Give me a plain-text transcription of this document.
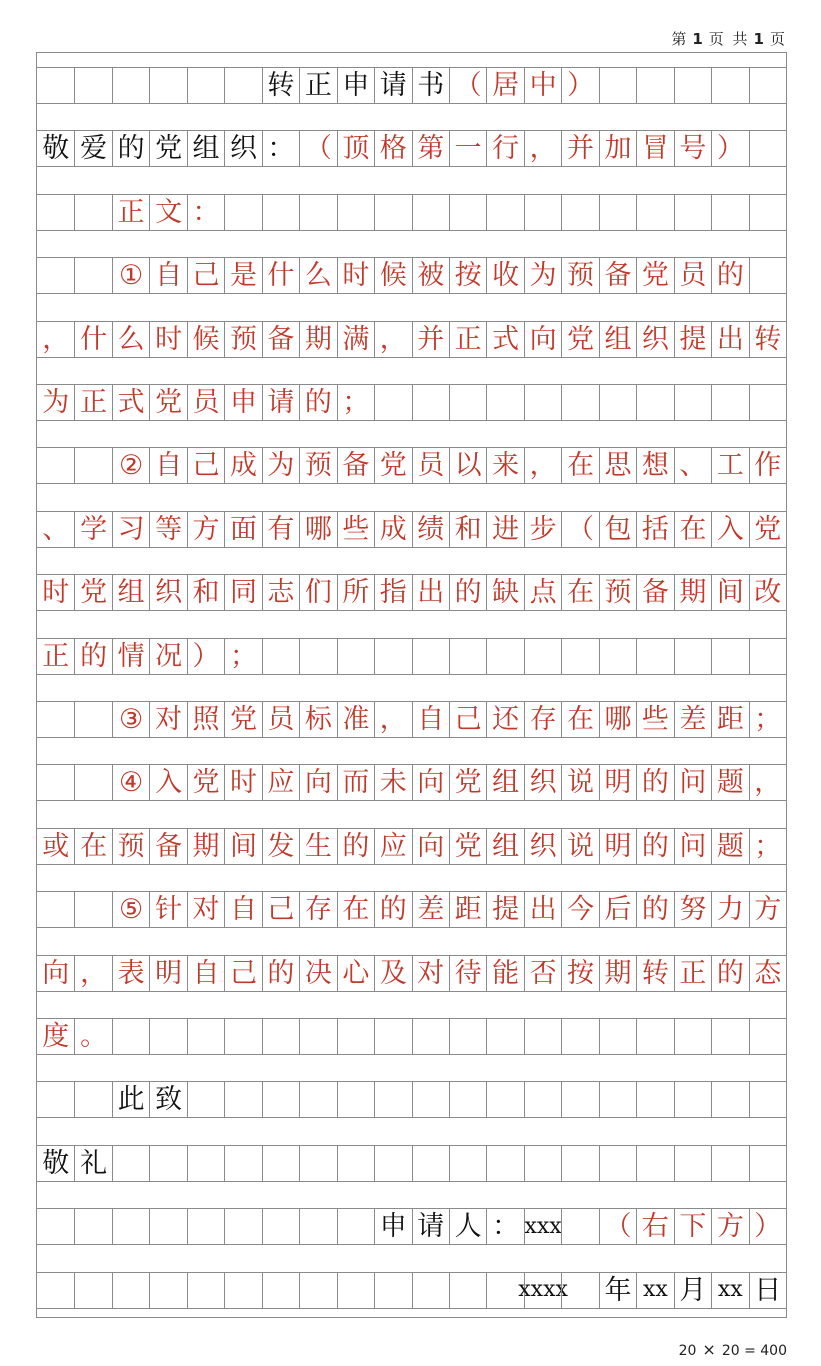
第 1 页 共 1 页
转 正 申 请 书 （ 居 中 ）
敬 爱 的 党 组 织 ： （ 顶 格 第 一 行 ， 并 加 冒 号 ）
正 文 ：
① 自 己 是 什 么 时 候 被 按 收 为 预 备 党 员 的
， 什 么 时 候 预 备 期 满 ， 并 正 式 向 党 组 织 提 出 转
为 正 式 党 员 申 请 的 ；
② 自 己 成 为 预 备 党 员 以 来 ， 在 思 想 、 工 作
、 学 习 等 方 面 有 哪 些 成 绩 和 进 步 （ 包 括 在 入 党
时 党 组 织 和 同 志 们 所 指 出 的 缺 点 在 预 备 期 间 改
正 的 情 况 ） ；
③ 对 照 党 员 标 准 ， 自 己 还 存 在 哪 些 差 距 ；
④ 入 党 时 应 向 而 未 向 党 组 织 说 明 的 问 题 ，
或 在 预 备 期 间 发 生 的 应 向 党 组 织 说 明 的 问 题 ；
⑤ 针 对 自 己 存 在 的 差 距 提 出 今 后 的 努 力 方
向 ， 表 明 自 己 的 决 心 及 对 待 能 否 按 期 转 正 的 态
度 。
此 致
敬 礼
申 请 人 ： xxx （ 右 下 方 ）
xxxx 年 xx 月 xx 日
20 × 20 = 400
